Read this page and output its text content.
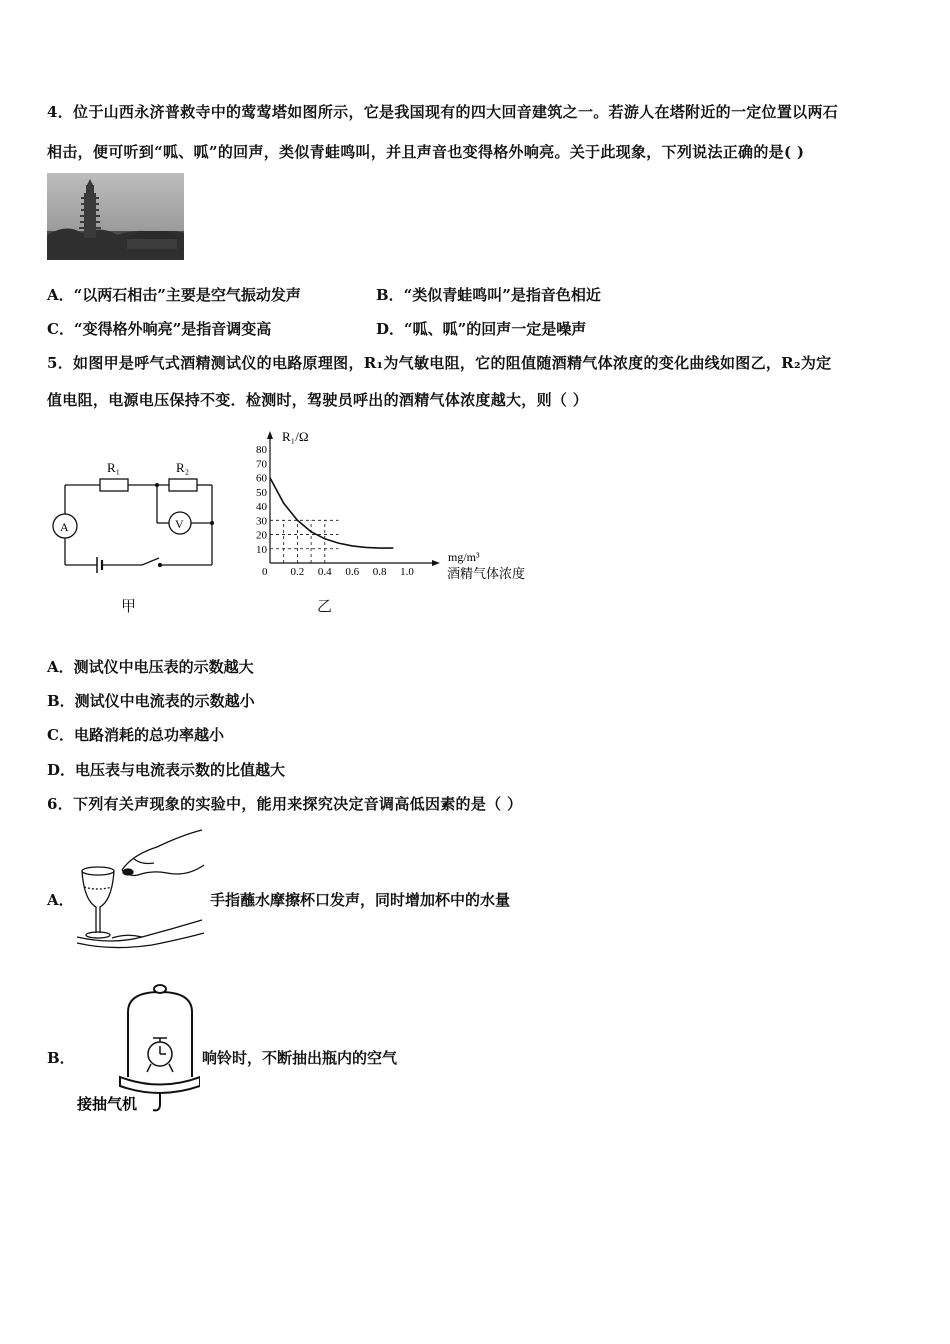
4．位于山西永济普救寺中的莺莺塔如图所示，它是我国现有的四大回音建筑之一。若游人在塔附近的一定位置以两石
相击，便可听到“呱、呱”的回声，类似青蛙鸣叫，并且声音也变得格外响亮。关于此现象，下列说法正确的是( )
A．“以两石相击”主要是空气振动发声	B．“类似青蛙鸣叫”是指音色相近
C．“变得格外响亮”是指音调变高	D．“呱、呱”的回声一定是噪声
5．如图甲是呼气式酒精测试仪的电路原理图，R₁为气敏电阻，它的阻值随酒精气体浓度的变化曲线如图乙，R₂为定
值电阻，电源电压保持不变．检测时，驾驶员呼出的酒精气体浓度越大，则（ ）
R₁	R₂
A	V
甲
80
70
60
50
40
30
20
10
0.2 0.4 0.6 0.8 1.0
0
R₁/Ω
mg/m³
酒精气体浓度
乙
A．测试仪中电压表的示数越大
B．测试仪中电流表的示数越小
C．电路消耗的总功率越小
D．电压表与电流表示数的比值越大
6．下列有关声现象的实验中，能用来探究决定音调高低因素的是（ ）
A．	手指蘸水摩擦杯口发声，同时增加杯中的水量
B．
接抽气机
响铃时，不断抽出瓶内的空气
